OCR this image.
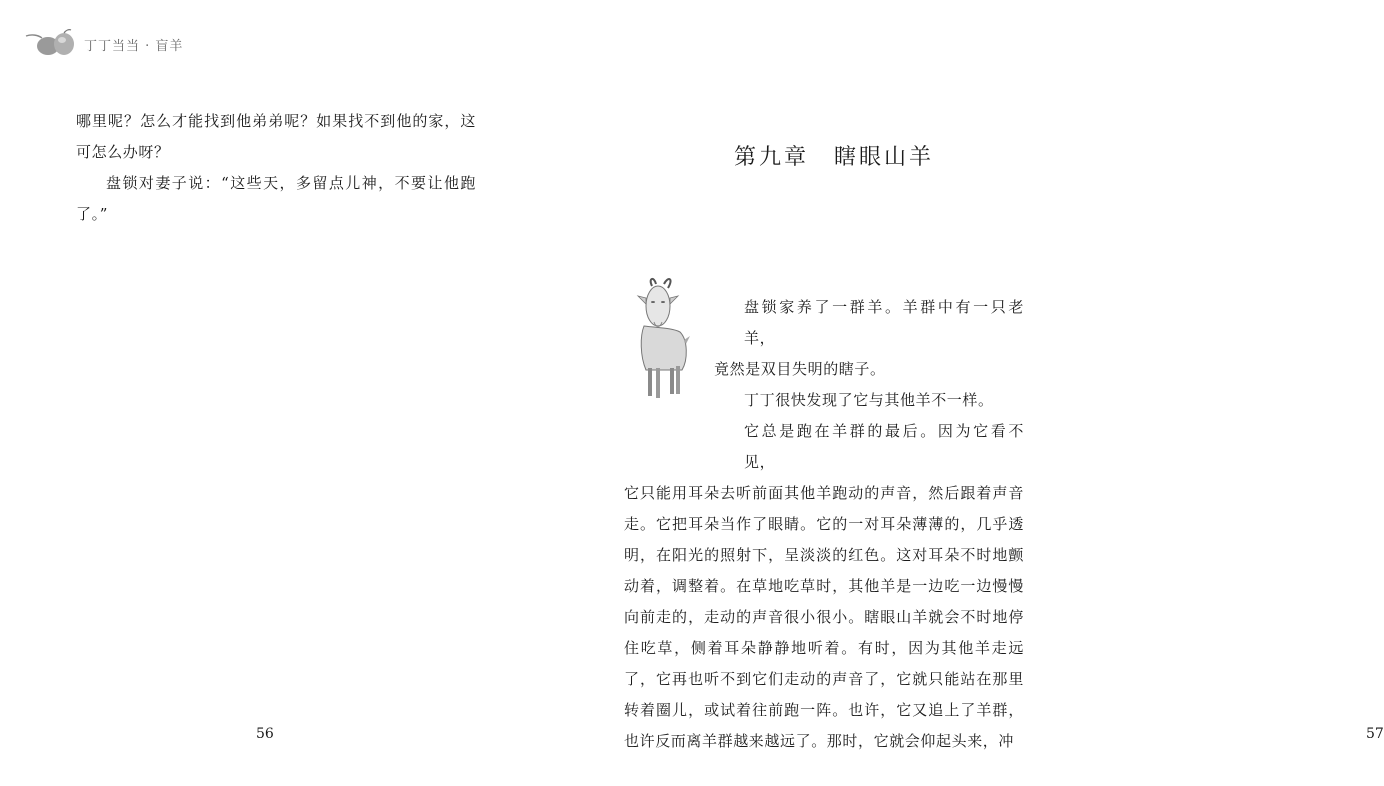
丁丁当当 · 盲羊

哪里呢？怎么才能找到他弟弟呢？如果找不到他的家，这可怎么办呀？

盘锁对妻子说：“这些天，多留点儿神，不要让他跑了。”

56
第九章　瞎眼山羊
57
盘锁家养了一群羊。羊群中有一只老羊，
竟然是双目失明的瞎子。
丁丁很快发现了它与其他羊不一样。
它总是跑在羊群的最后。因为它看不见，

它只能用耳朵去听前面其他羊跑动的声音，然后跟着声音走。它把耳朵当作了眼睛。它的一对耳朵薄薄的，几乎透明，在阳光的照射下，呈淡淡的红色。这对耳朵不时地颤动着，调整着。在草地吃草时，其他羊是一边吃一边慢慢向前走的，走动的声音很小很小。瞎眼山羊就会不时地停住吃草，侧着耳朵静静地听着。有时，因为其他羊走远了，它再也听不到它们走动的声音了，它就只能站在那里转着圈儿，或试着往前跑一阵。也许，它又追上了羊群，也许反而离羊群越来越远了。那时，它就会仰起头来，冲
